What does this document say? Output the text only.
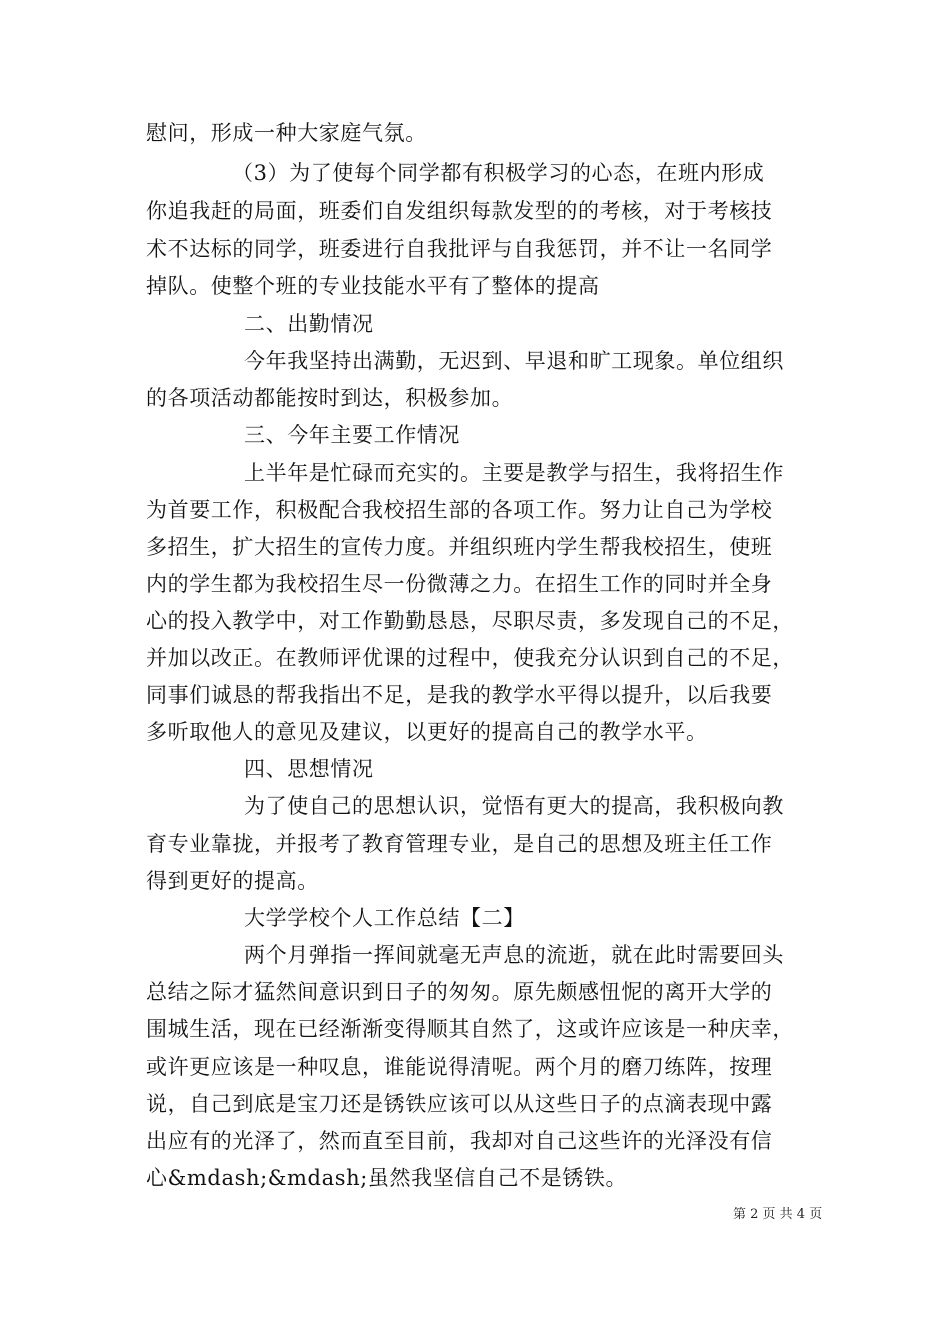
慰问，形成一种大家庭气氛。
（3）为了使每个同学都有积极学习的心态，在班内形成
你追我赶的局面，班委们自发组织每款发型的的考核，对于考核技
术不达标的同学，班委进行自我批评与自我惩罚，并不让一名同学
掉队。使整个班的专业技能水平有了整体的提高
二、出勤情况
今年我坚持出满勤，无迟到、早退和旷工现象。单位组织
的各项活动都能按时到达，积极参加。
三、今年主要工作情况
上半年是忙碌而充实的。主要是教学与招生，我将招生作
为首要工作，积极配合我校招生部的各项工作。努力让自己为学校
多招生，扩大招生的宣传力度。并组织班内学生帮我校招生，使班
内的学生都为我校招生尽一份微薄之力。在招生工作的同时并全身
心的投入教学中，对工作勤勤恳恳，尽职尽责，多发现自己的不足，
并加以改正。在教师评优课的过程中，使我充分认识到自己的不足，
同事们诚恳的帮我指出不足，是我的教学水平得以提升，以后我要
多听取他人的意见及建议，以更好的提高自己的教学水平。
四、思想情况
为了使自己的思想认识，觉悟有更大的提高，我积极向教
育专业靠拢，并报考了教育管理专业，是自己的思想及班主任工作
得到更好的提高。
大学学校个人工作总结【二】
两个月弹指一挥间就毫无声息的流逝，就在此时需要回头
总结之际才猛然间意识到日子的匆匆。原先颇感忸怩的离开大学的
围城生活，现在已经渐渐变得顺其自然了，这或许应该是一种庆幸，
或许更应该是一种叹息，谁能说得清呢。两个月的磨刀练阵，按理
说，自己到底是宝刀还是锈铁应该可以从这些日子的点滴表现中露
出应有的光泽了，然而直至目前，我却对自己这些许的光泽没有信
心&mdash;&mdash;虽然我坚信自己不是锈铁。
第 2 页 共 4 页
